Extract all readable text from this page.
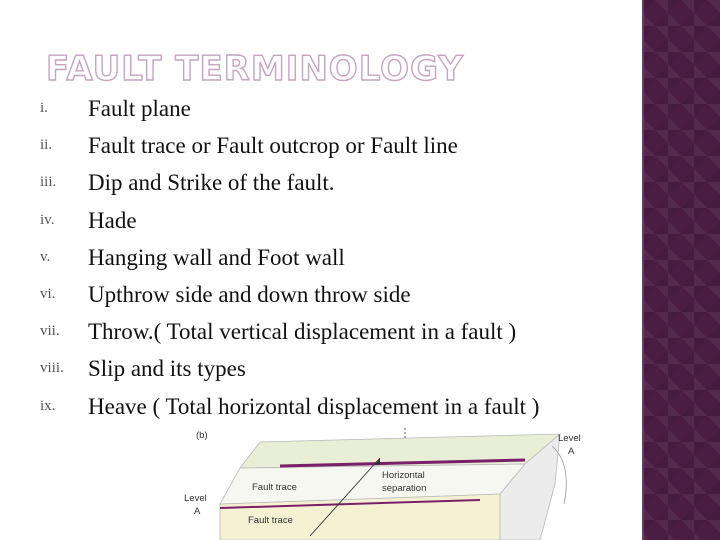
FAULT TERMINOLOGY
i.	Fault plane
ii.	Fault trace or Fault outcrop or Fault line
iii.	Dip and Strike of the fault.
iv.	Hade
v.	Hanging wall and Foot wall
vi.	Upthrow side and down throw side
vii.	Throw.( Total vertical displacement in a fault )
viii.	Slip and its types
ix.	Heave ( Total horizontal displacement in a fault )
(b)	Level
A
Horizontal
separation
Fault trace
Level
A
Fault trace
